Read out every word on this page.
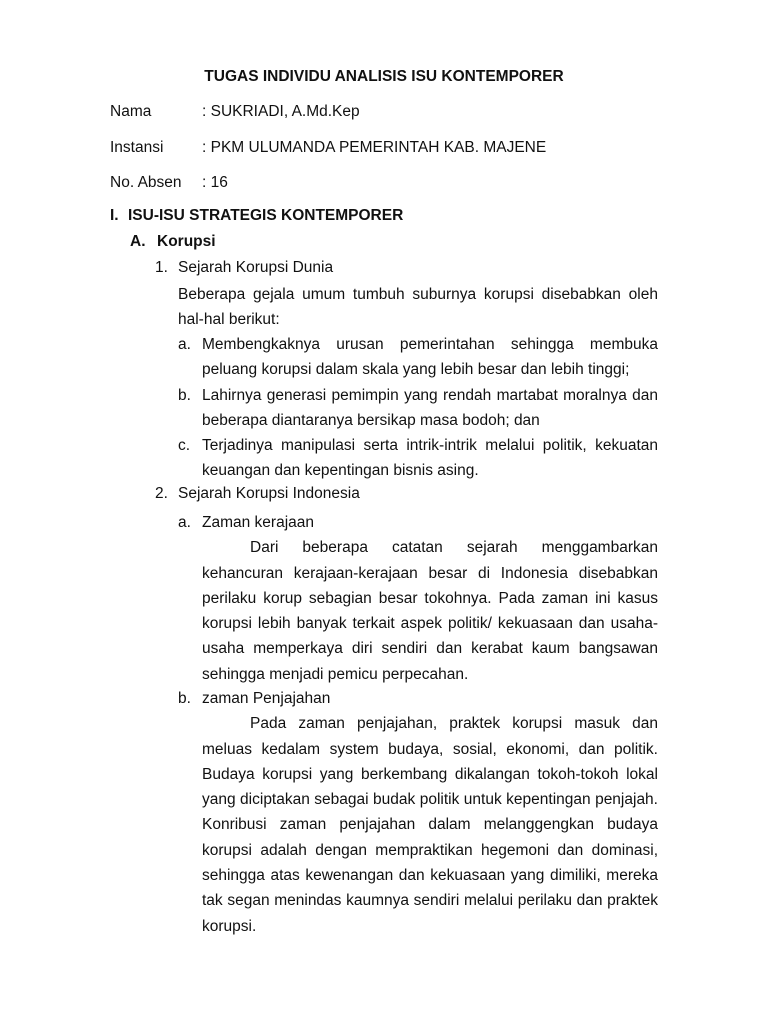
TUGAS INDIVIDU ANALISIS ISU KONTEMPORER
Nama	: SUKRIADI, A.Md.Kep
Instansi : PKM ULUMANDA PEMERINTAH KAB. MAJENE
No. Absen : 16
I. ISU-ISU STRATEGIS KONTEMPORER
A. Korupsi
1. Sejarah Korupsi Dunia
Beberapa gejala umum tumbuh suburnya korupsi disebabkan oleh hal-hal berikut:
a. Membengkaknya urusan pemerintahan sehingga membuka peluang korupsi dalam skala yang lebih besar dan lebih tinggi;
b. Lahirnya generasi pemimpin yang rendah martabat moralnya dan beberapa diantaranya bersikap masa bodoh; dan
c. Terjadinya manipulasi serta intrik-intrik melalui politik, kekuatan keuangan dan kepentingan bisnis asing.
2. Sejarah Korupsi Indonesia
a. Zaman kerajaan
Dari beberapa catatan sejarah menggambarkan kehancuran kerajaan-kerajaan besar di Indonesia disebabkan perilaku korup sebagian besar tokohnya. Pada zaman ini kasus korupsi lebih banyak terkait aspek politik/ kekuasaan dan usaha-usaha memperkaya diri sendiri dan kerabat kaum bangsawan sehingga menjadi pemicu perpecahan.
b. zaman Penjajahan
Pada zaman penjajahan, praktek korupsi masuk dan meluas kedalam system budaya, sosial, ekonomi, dan politik. Budaya korupsi yang berkembang dikalangan tokoh-tokoh lokal yang diciptakan sebagai budak politik untuk kepentingan penjajah. Konribusi zaman penjajahan dalam melanggengkan budaya korupsi adalah dengan mempraktikan hegemoni dan dominasi, sehingga atas kewenangan dan kekuasaan yang dimiliki, mereka tak segan menindas kaumnya sendiri melalui perilaku dan praktek korupsi.
